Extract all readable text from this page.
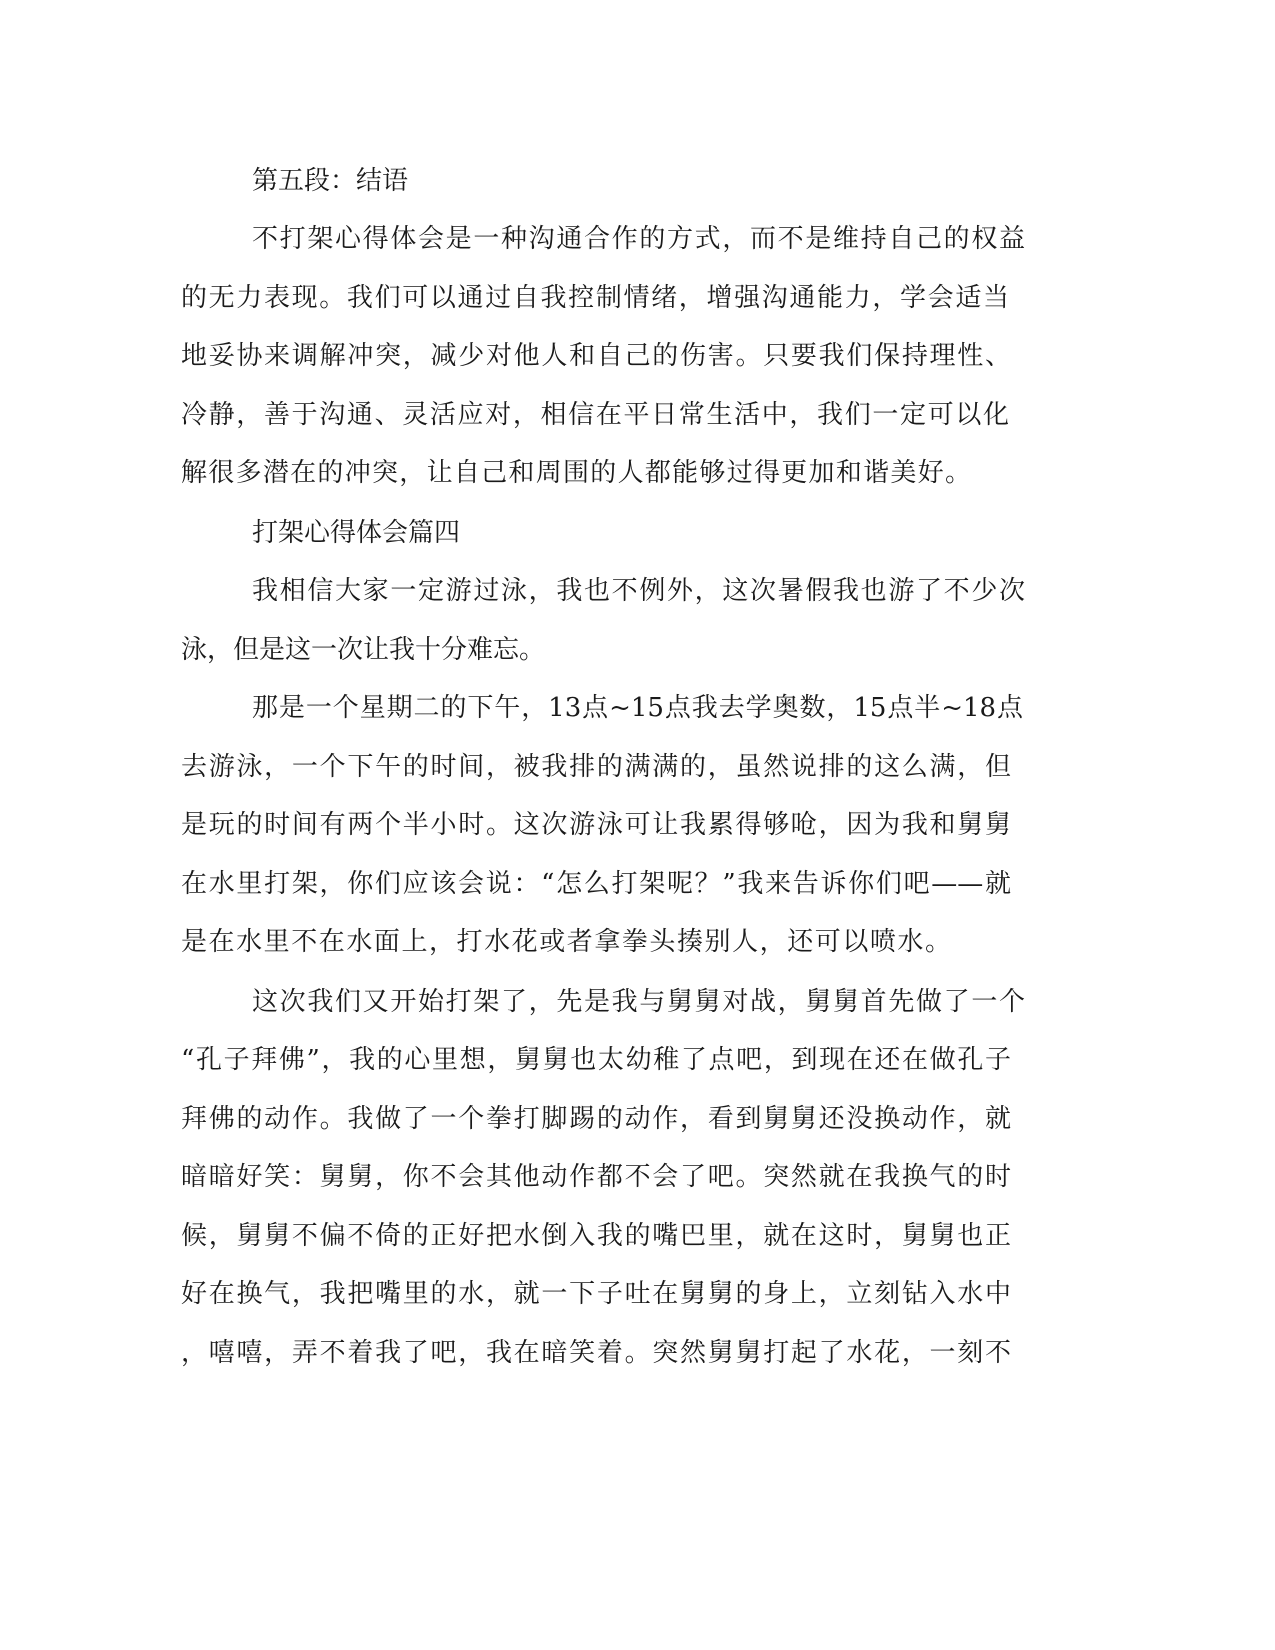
第五段：结语

不打架心得体会是一种沟通合作的方式，而不是维持自己的权益

的无力表现。我们可以通过自我控制情绪，增强沟通能力，学会适当

地妥协来调解冲突，减少对他人和自己的伤害。只要我们保持理性、

冷静，善于沟通、灵活应对，相信在平日常生活中，我们一定可以化

解很多潜在的冲突，让自己和周围的人都能够过得更加和谐美好。

打架心得体会篇四

我相信大家一定游过泳，我也不例外，这次暑假我也游了不少次

泳，但是这一次让我十分难忘。

那是一个星期二的下午，13点~15点我去学奥数，15点半~18点

去游泳，一个下午的时间，被我排的满满的，虽然说排的这么满，但

是玩的时间有两个半小时。这次游泳可让我累得够呛，因为我和舅舅

在水里打架，你们应该会说：“怎么打架呢？”我来告诉你们吧——就

是在水里不在水面上，打水花或者拿拳头揍别人，还可以喷水。

这次我们又开始打架了，先是我与舅舅对战，舅舅首先做了一个

“孔子拜佛”，我的心里想，舅舅也太幼稚了点吧，到现在还在做孔子

拜佛的动作。我做了一个拳打脚踢的动作，看到舅舅还没换动作，就

暗暗好笑：舅舅，你不会其他动作都不会了吧。突然就在我换气的时

候，舅舅不偏不倚的正好把水倒入我的嘴巴里，就在这时，舅舅也正

好在换气，我把嘴里的水，就一下子吐在舅舅的身上，立刻钻入水中

，嘻嘻，弄不着我了吧，我在暗笑着。突然舅舅打起了水花，一刻不
